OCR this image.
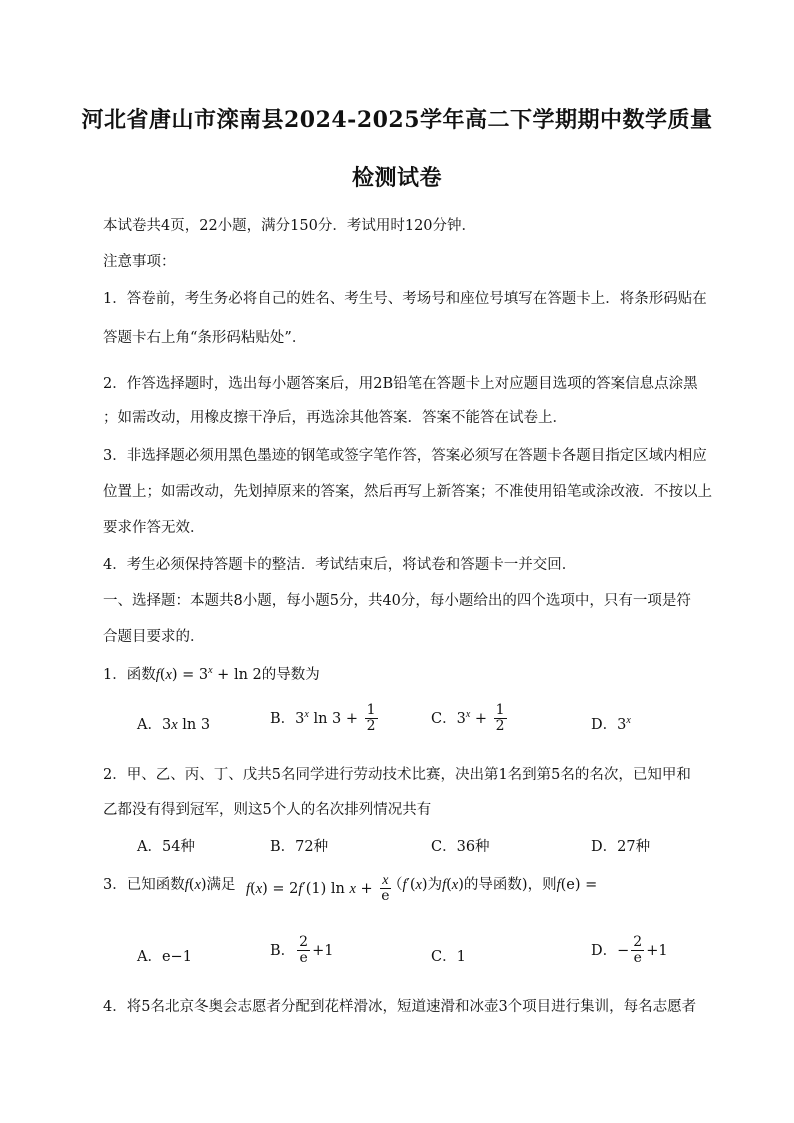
河北省唐山市滦南县2024-2025学年高二下学期期中数学质量
检测试卷
本试卷共4页，22小题，满分150分．考试用时120分钟．
注意事项：
1．答卷前，考生务必将自己的姓名、考生号、考场号和座位号填写在答题卡上．将条形码贴在
答题卡右上角“条形码粘贴处”．
2．作答选择题时，选出每小题答案后，用2B铅笔在答题卡上对应题目选项的答案信息点涂黑
；如需改动，用橡皮擦干净后，再选涂其他答案．答案不能答在试卷上．
3．非选择题必须用黑色墨迹的钢笔或签字笔作答，答案必须写在答题卡各题目指定区域内相应
位置上；如需改动，先划掉原来的答案，然后再写上新答案；不准使用铅笔或涂改液．不按以上
要求作答无效．
4．考生必须保持答题卡的整洁．考试结束后，将试卷和答题卡一并交回．
一、选择题：本题共8小题，每小题5分，共40分，每小题给出的四个选项中，只有一项是符
合题目要求的．
1．函数$f(x) = 3^x + \ln 2$的导数为
A．3x ln 3	B．3$^x$ $\ln 3 + \frac{1}{2}$	C．$3^x + \frac{1}{2}$	D．3$^x$
2．甲、乙、丙、丁、戊共5名同学进行劳动技术比赛，决出第1名到第5名的名次，已知甲和
乙都没有得到冠军，则这5个人的名次排列情况共有
A．54种	B．72种	C．36种	D．27种
3．已知函数f(x)满足 f(x) = 2f′(1) $\ln x + \frac{x}{e}$
（f′(x)为f(x)的导函数)，则f(e) =
A．e−1	B． $\frac{2}{e} +1$	C．1	D．− $\frac{2}{e} +1$
4．将5名北京冬奥会志愿者分配到花样滑冰，短道速滑和冰壶3个项目进行集训，每名志愿者
